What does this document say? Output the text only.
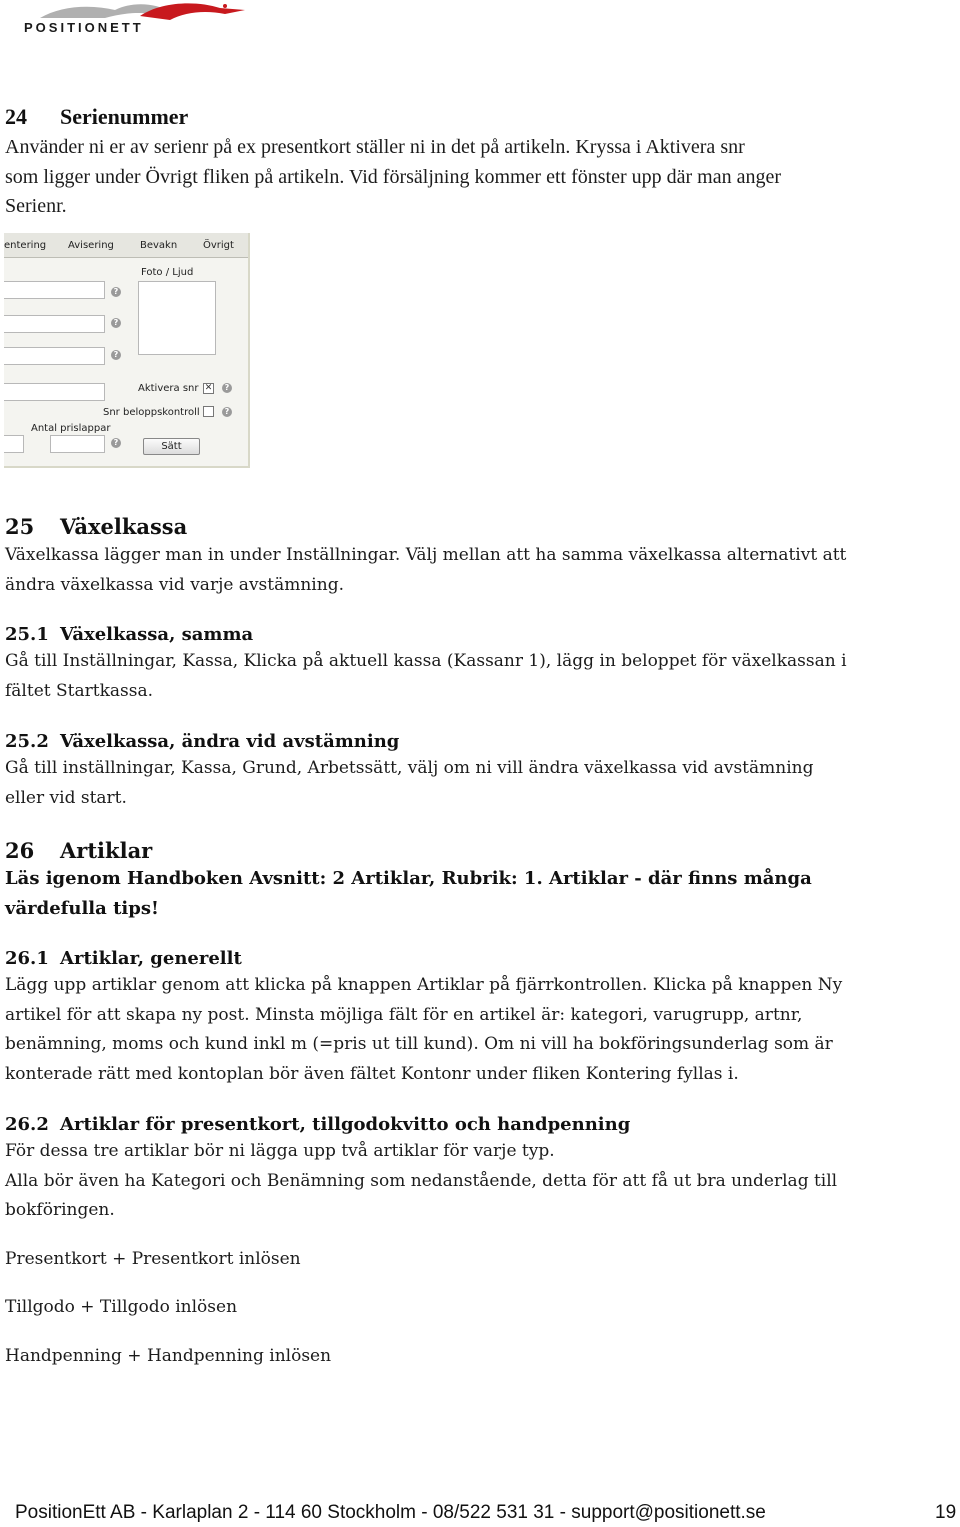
POSITIONETT
24 Serienummer

Använder ni er av serienr på ex presentkort ställer ni in det på artikeln. Kryssa i Aktivera snr

som ligger under Övrigt fliken på artikeln. Vid försäljning kommer ett fönster upp där man anger

Serienr.

entering Avisering	Bevakn	Övrigt
Foto / Ljud
?
?
?
Aktivera snr ✕	?
Snr beloppskontroll	?
Antal prislappar
?	Sätt
25 Växelkassa

Växelkassa lägger man in under Inställningar. Välj mellan att ha samma växelkassa alternativt att

ändra växelkassa vid varje avstämning.

25.1 Växelkassa, samma

Gå till Inställningar, Kassa, Klicka på aktuell kassa (Kassanr 1), lägg in beloppet för växelkassan i

fältet Startkassa.

25.2 Växelkassa, ändra vid avstämning

Gå till inställningar, Kassa, Grund, Arbetssätt, välj om ni vill ändra växelkassa vid avstämning

eller vid start.

26 Artiklar

Läs igenom Handboken Avsnitt: 2 Artiklar, Rubrik: 1. Artiklar - där finns många

värdefulla tips!

26.1 Artiklar, generellt

Lägg upp artiklar genom att klicka på knappen Artiklar på fjärrkontrollen. Klicka på knappen Ny

artikel för att skapa ny post. Minsta möjliga fält för en artikel är: kategori, varugrupp, artnr,

benämning, moms och kund inkl m (=pris ut till kund). Om ni vill ha bokföringsunderlag som är

konterade rätt med kontoplan bör även fältet Kontonr under fliken Kontering fyllas i.

26.2 Artiklar för presentkort, tillgodokvitto och handpenning

För dessa tre artiklar bör ni lägga upp två artiklar för varje typ.

Alla bör även ha Kategori och Benämning som nedanstående, detta för att få ut bra underlag till

bokföringen.

Presentkort + Presentkort inlösen

Tillgodo + Tillgodo inlösen

Handpenning + Handpenning inlösen

PositionEtt AB - Karlaplan 2 - 114 60 Stockholm - 08/522 531 31 - support@positionett.se	19
